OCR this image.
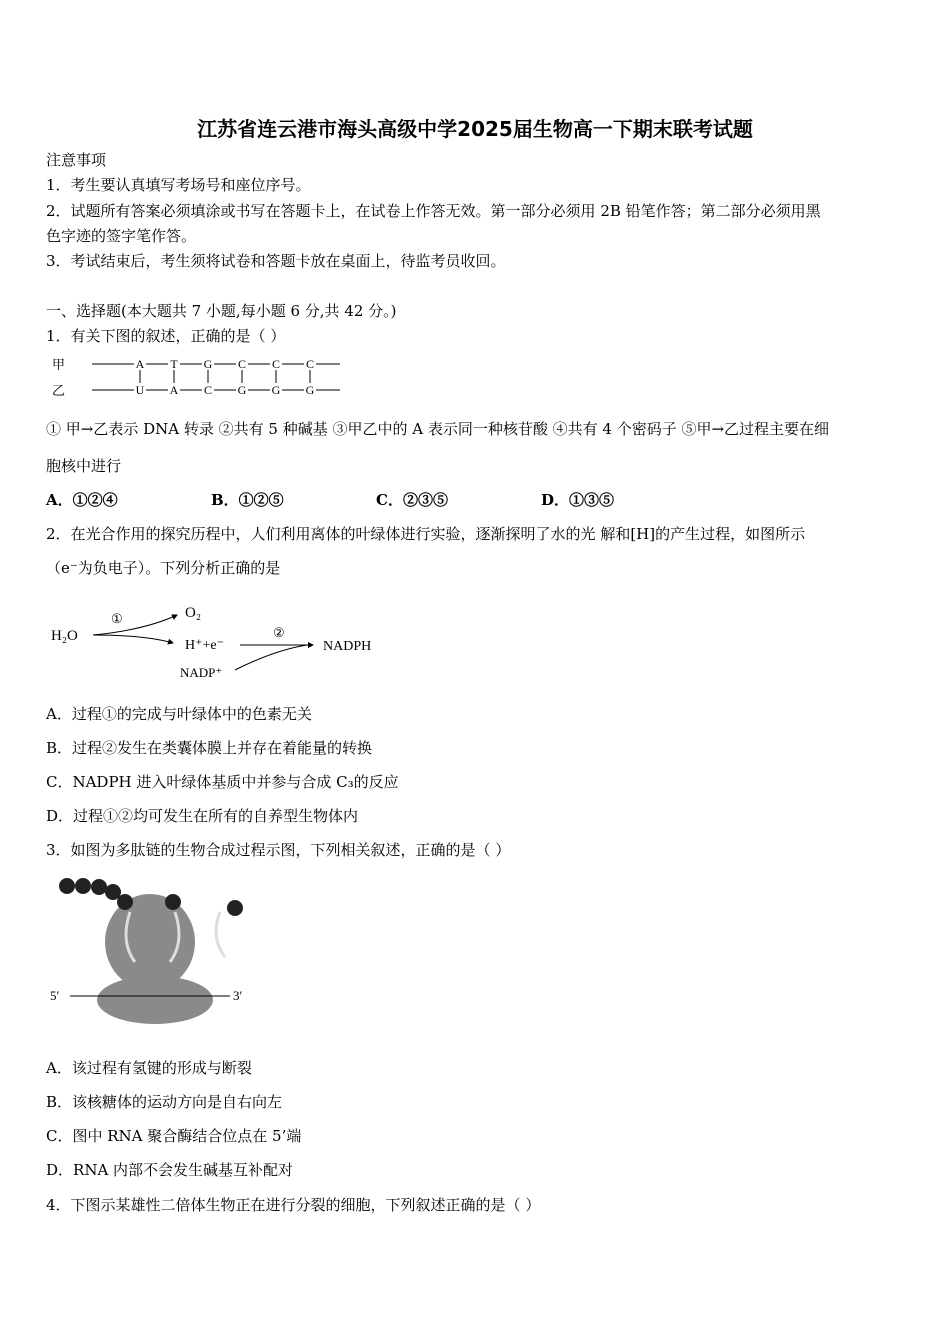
江苏省连云港市海头高级中学2025届生物高一下期末联考试题
注意事项
1．考生要认真填写考场号和座位序号。
2．试题所有答案必须填涂或书写在答题卡上，在试卷上作答无效。第一部分必须用 2B 铅笔作答；第二部分必须用黑
色字迹的签字笔作答。
3．考试结束后，考生须将试卷和答题卡放在桌面上，待监考员收回。
一、选择题(本大题共 7 小题,每小题 6 分,共 42 分。)
1．有关下图的叙述，正确的是（ ）
甲
乙
A
U
T
A
G
C
C
G
C
G
C
G
① 甲→乙表示 DNA 转录 ②共有 5 种碱基 ③甲乙中的 A 表示同一种核苷酸 ④共有 4 个密码子 ⑤甲→乙过程主要在细
胞核中进行
A．①②④	B．①②⑤	C．②③⑤	D．①③⑤
2．在光合作用的探究历程中，人们利用离体的叶绿体进行实验，逐渐探明了水的光 解和[H]的产生过程，如图所示
（e⁻为负电子）。下列分析正确的是
H₂O
O₂
H⁺+e⁻
NADP⁺
NADPH
①
②
A．过程①的完成与叶绿体中的色素无关
B．过程②发生在类囊体膜上并存在着能量的转换
C．NADPH 进入叶绿体基质中并参与合成 C₃的反应
D．过程①②均可发生在所有的自养型生物体内
3．如图为多肽链的生物合成过程示图，下列相关叙述，正确的是（ ）
5′	3′
A．该过程有氢键的形成与断裂
B．该核糖体的运动方向是自右向左
C．图中 RNA 聚合酶结合位点在 5’端
D．RNA 内部不会发生碱基互补配对
4．下图示某雄性二倍体生物正在进行分裂的细胞，下列叙述正确的是（ ）
